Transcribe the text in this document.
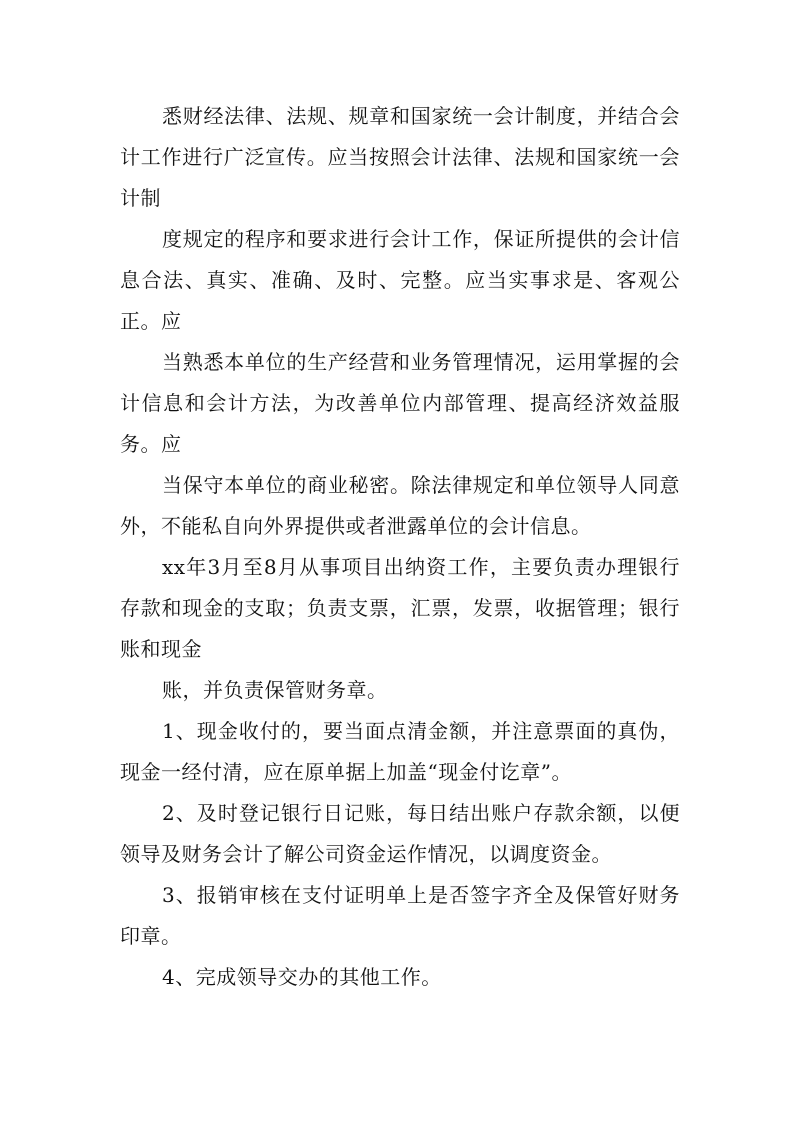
悉财经法律、法规、规章和国家统一会计制度，并结合会计工作进行广泛宣传。应当按照会计法律、法规和国家统一会计制

度规定的程序和要求进行会计工作，保证所提供的会计信息合法、真实、准确、及时、完整。应当实事求是、客观公正。应

当熟悉本单位的生产经营和业务管理情况，运用掌握的会计信息和会计方法，为改善单位内部管理、提高经济效益服务。应

当保守本单位的商业秘密。除法律规定和单位领导人同意外，不能私自向外界提供或者泄露单位的会计信息。

xx年3月至8月从事项目出纳资工作，主要负责办理银行存款和现金的支取；负责支票，汇票，发票，收据管理；银行账和现金

账，并负责保管财务章。

1、现金收付的，要当面点清金额，并注意票面的真伪，现金一经付清，应在原单据上加盖“现金付讫章”。

2、及时登记银行日记账，每日结出账户存款余额，以便领导及财务会计了解公司资金运作情况，以调度资金。

3、报销审核在支付证明单上是否签字齐全及保管好财务印章。

4、完成领导交办的其他工作。
